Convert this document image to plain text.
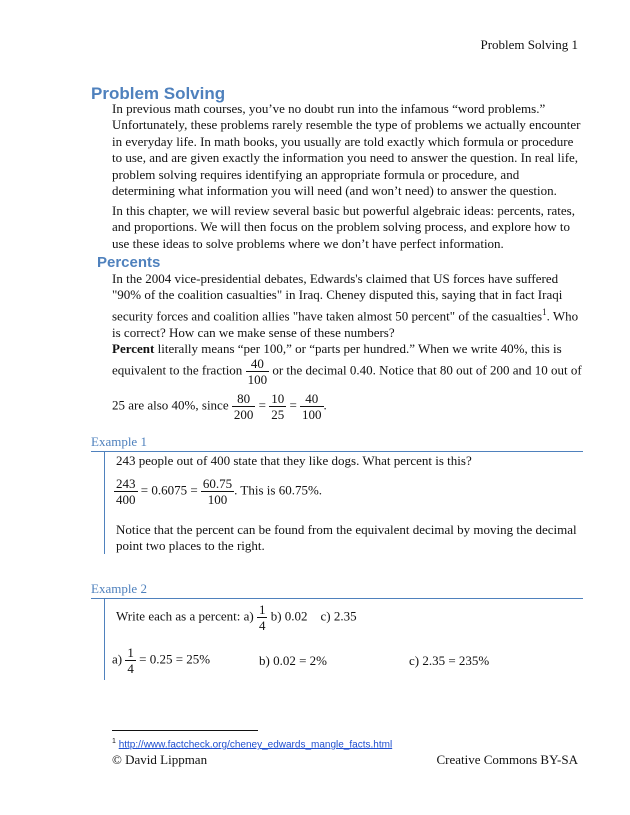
Problem Solving 1
Problem Solving

In previous math courses, you’ve no doubt run into the infamous “word problems.” Unfortunately, these problems rarely resemble the type of problems we actually encounter in everyday life. In math books, you usually are told exactly which formula or procedure to use, and are given exactly the information you need to answer the question. In real life, problem solving requires identifying an appropriate formula or procedure, and determining what information you will need (and won’t need) to answer the question.

In this chapter, we will review several basic but powerful algebraic ideas: percents, rates, and proportions. We will then focus on the problem solving process, and explore how to use these ideas to solve problems where we don’t have perfect information.

Percents

In the 2004 vice-presidential debates, Edwards's claimed that US forces have suffered "90% of the coalition casualties" in Iraq. Cheney disputed this, saying that in fact Iraqi security forces and coalition allies "have taken almost 50 percent" of the casualties$^1$. Who is correct? How can we make sense of these numbers?

Percent literally means “per 100,” or “parts per hundred.” When we write 40%, this is
equivalent to the fraction $\frac{40}{100}$ or the decimal 0.40. Notice that 80 out of 200 and 10 out of
25 are also 40%, since $\frac{80}{200} = \frac{10}{25} = \frac{40}{100}$ .
Example 1
243 people out of 400 state that they like dogs. What percent is this?
$\frac{243}{400} = 0.6075 = \frac{60.75}{100}$ . This is 60.75%.

Notice that the percent can be found from the equivalent decimal by moving the decimal point two places to the right.

Example 2
Write each as a percent: $a) \frac{1}{4} b$) 0.02    c) 2.35
$a) \frac{1}{4} = 0.25 = 25\%$	b) 0.02 = 2%	c) 2.35 = 235%
$^1$ http://www.factcheck.org/cheney_edwards_mangle_facts.html
© David Lippman	Creative Commons BY-SA
